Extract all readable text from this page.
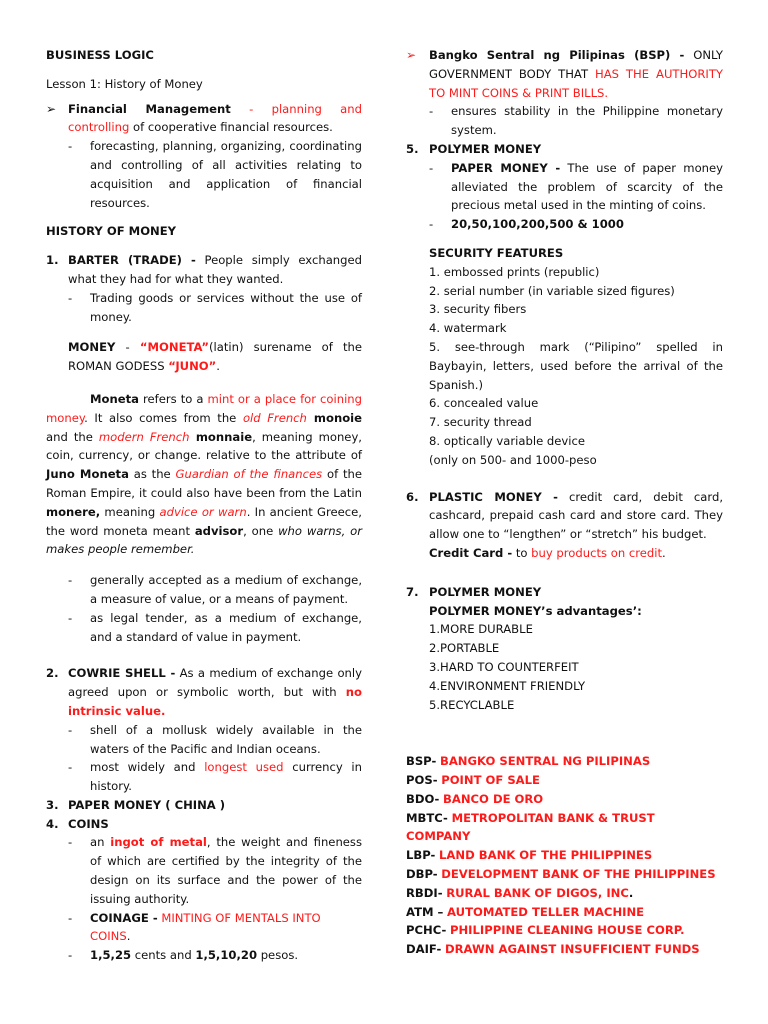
BUSINESS LOGIC

Lesson 1: History of Money

➢ Financial Management - planning and controlling of cooperative financial resources.
- forecasting, planning, organizing, coordinating and controlling of all activities relating to acquisition and application of financial resources.

HISTORY OF MONEY

1. BARTER (TRADE) - People simply exchanged what they had for what they wanted.
- Trading goods or services without the use of money.

MONEY - “MONETA”(latin) surename of the ROMAN GODESS “JUNO”.

Moneta refers to a mint or a place for coining money. It also comes from the old French monoie and the modern French monnaie, meaning money, coin, currency, or change. relative to the attribute of Juno Moneta as the Guardian of the finances of the Roman Empire, it could also have been from the Latin monere, meaning advice or warn. In ancient Greece, the word moneta meant advisor, one who warns, or makes people remember.

- generally accepted as a medium of exchange, a measure of value, or a means of payment.
- as legal tender, as a medium of exchange, and a standard of value in payment.
2. COWRIE SHELL - As a medium of exchange only agreed upon or symbolic worth, but with no intrinsic value.
- shell of a mollusk widely available in the waters of the Pacific and Indian oceans.
- most widely and longest used currency in history.
3. PAPER MONEY ( CHINA )
4. COINS
- an ingot of metal, the weight and fineness of which are certified by the integrity of the design on its surface and the power of the issuing authority.
- COINAGE - MINTING OF MENTALS INTO COINS.
- 1,5,25 cents and 1,5,10,20 pesos.
➢ Bangko Sentral ng Pilipinas (BSP) - ONLY GOVERNMENT BODY THAT HAS THE AUTHORITY TO MINT COINS & PRINT BILLS.
- ensures stability in the Philippine monetary system.
5. POLYMER MONEY
- PAPER MONEY - The use of paper money alleviated the problem of scarcity of the precious metal used in the minting of coins.
- 20,50,100,200,500 & 1000

SECURITY FEATURES

1. embossed prints (republic)

2. serial number (in variable sized figures)

3. security fibers

4. watermark

5. see-through mark (“Pilipino” spelled in Baybayin, letters, used before the arrival of the Spanish.)

6. concealed value

7. security thread

8. optically variable device

(only on 500- and 1000-peso

6. PLASTIC MONEY - credit card, debit card, cashcard, prepaid cash card and store card. They allow one to “lengthen” or “stretch” his budget.

Credit Card - to buy products on credit.

7. POLYMER MONEY

POLYMER MONEY’s advantages’:

1.MORE DURABLE

2.PORTABLE

3.HARD TO COUNTERFEIT

4.ENVIRONMENT FRIENDLY

5.RECYCLABLE

BSP- BANGKO SENTRAL NG PILIPINAS

POS- POINT OF SALE

BDO- BANCO DE ORO

MBTC- METROPOLITAN BANK & TRUST COMPANY

LBP- LAND BANK OF THE PHILIPPINES

DBP- DEVELOPMENT BANK OF THE PHILIPPINES

RBDI- RURAL BANK OF DIGOS, INC.

ATM – AUTOMATED TELLER MACHINE

PCHC- PHILIPPINE CLEANING HOUSE CORP.

DAIF- DRAWN AGAINST INSUFFICIENT FUNDS
